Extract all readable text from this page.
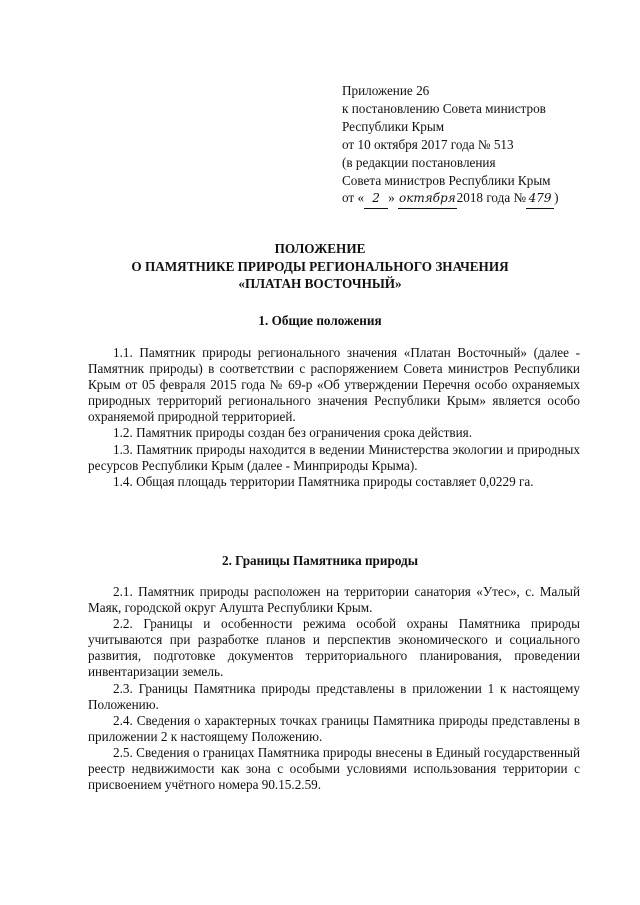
Приложение 26
к постановлению Совета министров
Республики Крым
от 10 октября 2017 года № 513
(в редакции постановления
Совета министров Республики Крым
от « 2 » октября2018 года № 479 )
ПОЛОЖЕНИЕ
О ПАМЯТНИКЕ ПРИРОДЫ РЕГИОНАЛЬНОГО ЗНАЧЕНИЯ
«ПЛАТАН ВОСТОЧНЫЙ»
1. Общие положения

1.1. Памятник природы регионального значения «Платан Восточный» (далее - Памятник природы) в соответствии с распоряжением Совета министров Республики Крым от 05 февраля 2015 года № 69-р «Об утверждении Перечня особо охраняемых природных территорий регионального значения Республики Крым» является особо охраняемой природной территорией.

1.2. Памятник природы создан без ограничения срока действия.

1.3. Памятник природы находится в ведении Министерства экологии и природных ресурсов Республики Крым (далее - Минприроды Крыма).

1.4. Общая площадь территории Памятника природы составляет 0,0229 га.

2. Границы Памятника природы

2.1. Памятник природы расположен на территории санатория «Утес», с. Малый Маяк, городской округ Алушта Республики Крым.

2.2. Границы и особенности режима особой охраны Памятника природы учитываются при разработке планов и перспектив экономического и социального развития, подготовке документов территориального планирования, проведении инвентаризации земель.

2.3. Границы Памятника природы представлены в приложении 1 к настоящему Положению.

2.4. Сведения о характерных точках границы Памятника природы представлены в приложении 2 к настоящему Положению.

2.5. Сведения о границах Памятника природы внесены в Единый государственный реестр недвижимости как зона с особыми условиями использования территории с присвоением учётного номера 90.15.2.59.
